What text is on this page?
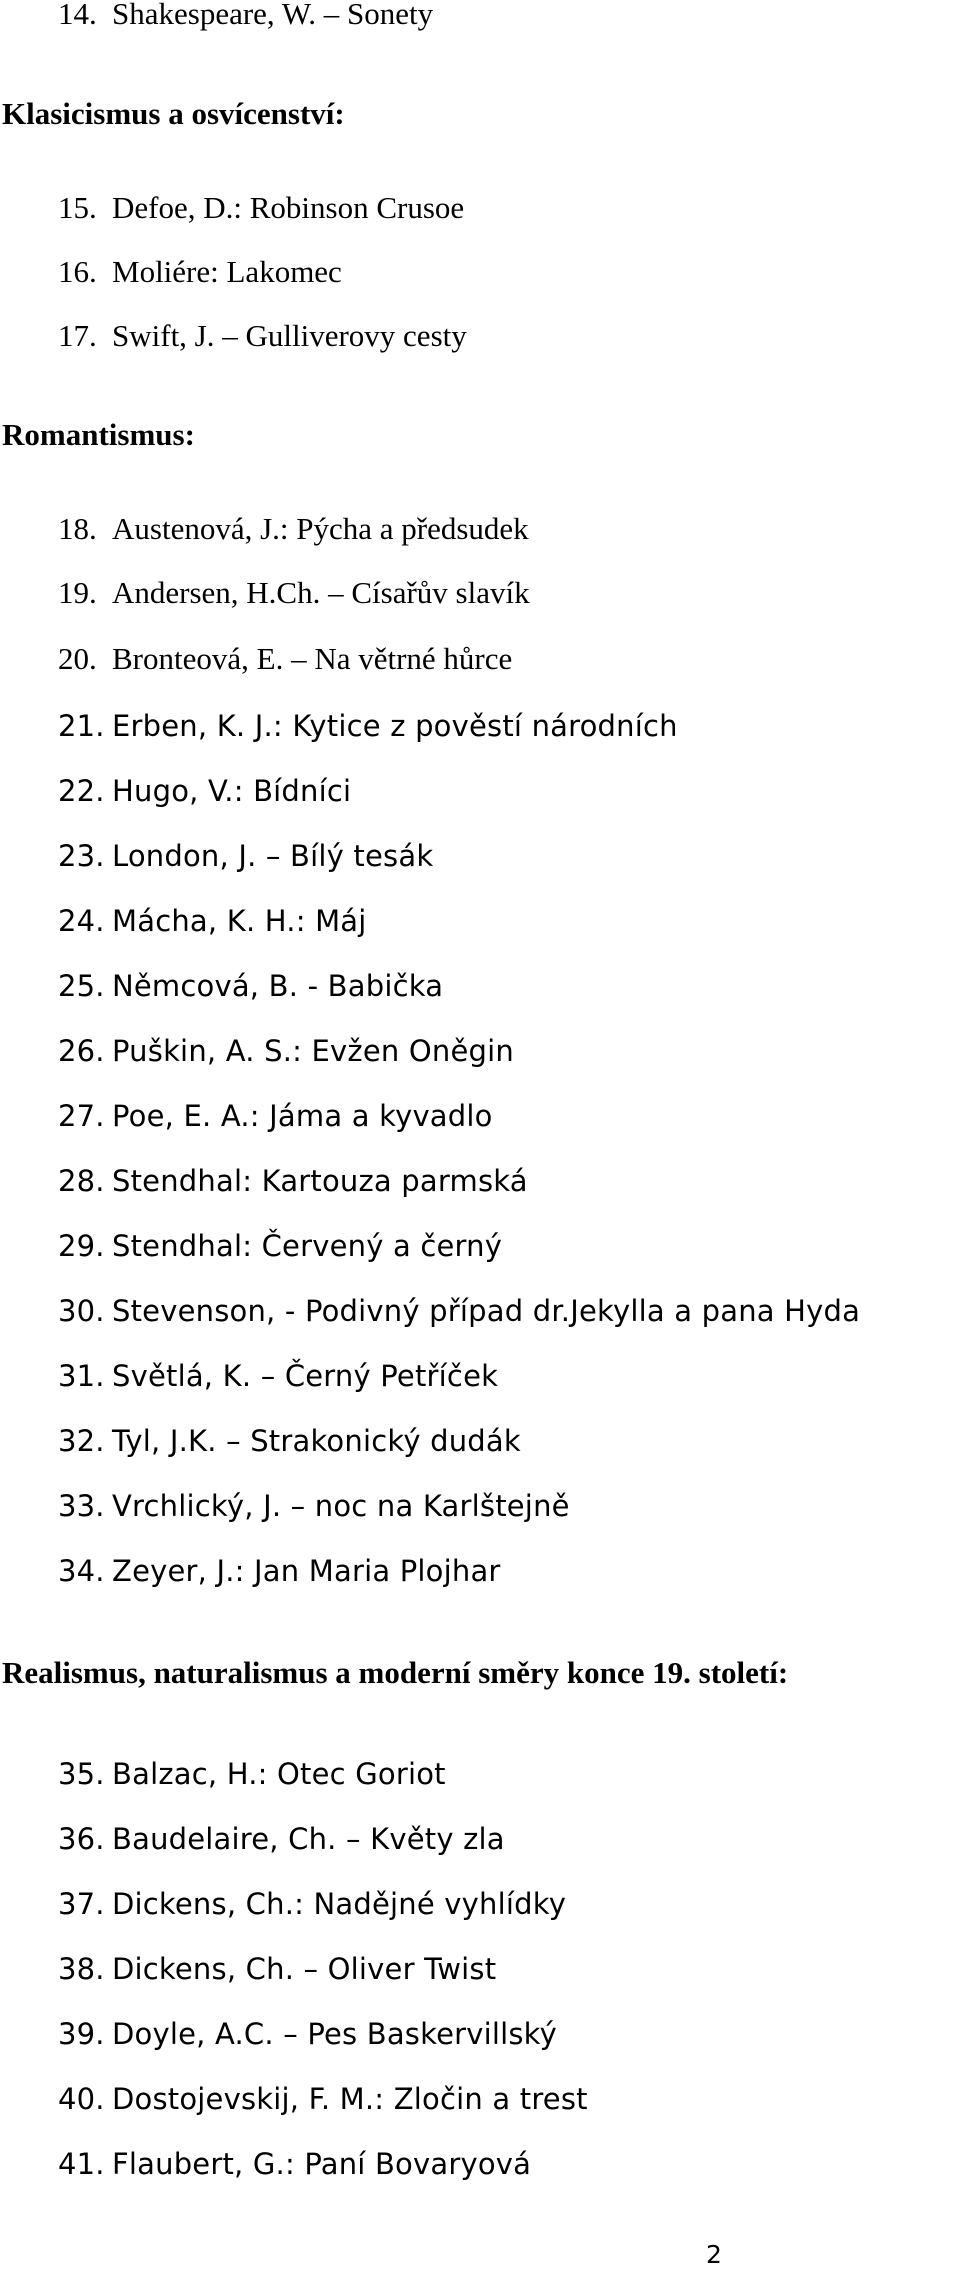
14. Shakespeare, W. – Sonety
Klasicismus a osvícenství:
15. Defoe, D.: Robinson Crusoe
16. Moliére: Lakomec
17. Swift, J. – Gulliverovy cesty
Romantismus:
18. Austenová, J.: Pýcha a předsudek
19. Andersen, H.Ch. – Císařův slavík
20. Bronteová, E. – Na větrné hůrce
21. Erben, K. J.: Kytice z pověstí národních
22. Hugo, V.: Bídníci
23. London, J. – Bílý tesák
24. Mácha, K. H.: Máj
25. Němcová, B. - Babička
26. Puškin, A. S.: Evžen Oněgin
27. Poe, E. A.: Jáma a kyvadlo
28. Stendhal: Kartouza parmská
29. Stendhal: Červený a černý
30. Stevenson, - Podivný případ dr.Jekylla a pana Hyda
31. Světlá, K. – Černý Petříček
32. Tyl, J.K. – Strakonický dudák
33. Vrchlický, J. – noc na Karlštejně
34. Zeyer, J.: Jan Maria Plojhar
Realismus, naturalismus a moderní směry konce 19. století:
35. Balzac, H.: Otec Goriot
36. Baudelaire, Ch. – Květy zla
37. Dickens, Ch.: Nadějné vyhlídky
38. Dickens, Ch. – Oliver Twist
39. Doyle, A.C. – Pes Baskervillský
40. Dostojevskij, F. M.: Zločin a trest
41. Flaubert, G.: Paní Bovaryová
2
